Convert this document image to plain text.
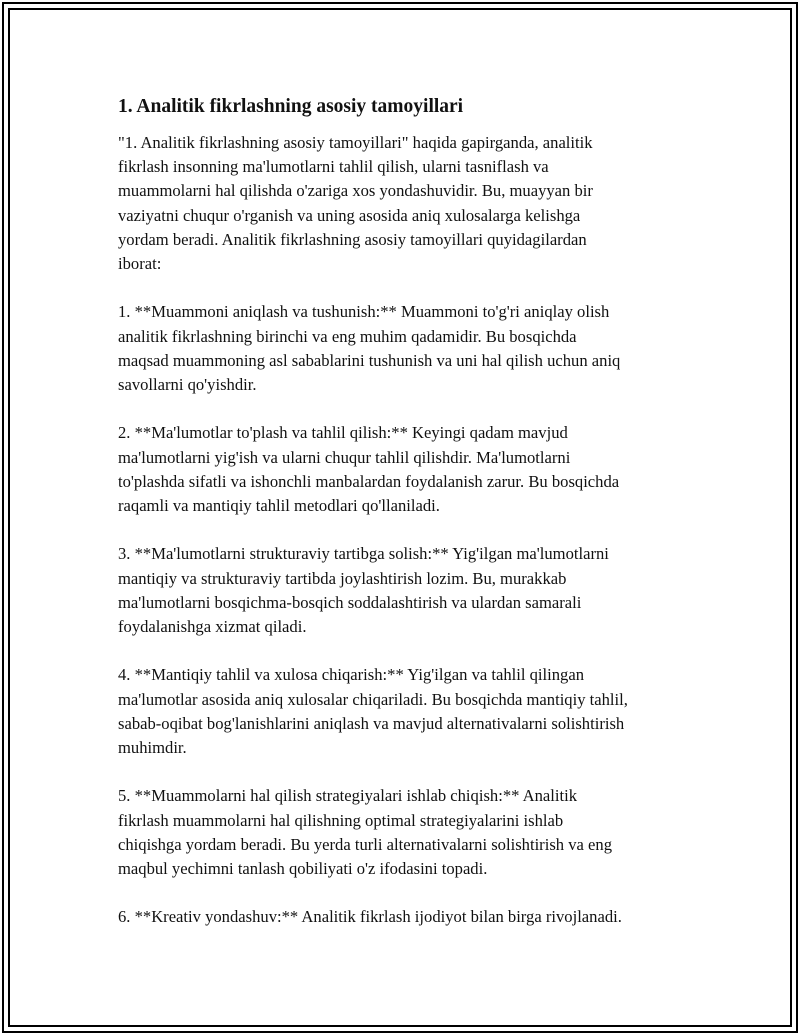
1. Analitik fikrlashning asosiy tamoyillari

"1. Analitik fikrlashning asosiy tamoyillari" haqida gapirganda, analitik
fikrlash insonning ma'lumotlarni tahlil qilish, ularni tasniflash va
muammolarni hal qilishda o'zariga xos yondashuvidir. Bu, muayyan bir
vaziyatni chuqur o'rganish va uning asosida aniq xulosalarga kelishga
yordam beradi. Analitik fikrlashning asosiy tamoyillari quyidagilardan
iborat:

1. **Muammoni aniqlash va tushunish:** Muammoni to'g'ri aniqlay olish
analitik fikrlashning birinchi va eng muhim qadamidir. Bu bosqichda
maqsad muammoning asl sabablarini tushunish va uni hal qilish uchun aniq
savollarni qo'yishdir.

2. **Ma'lumotlar to'plash va tahlil qilish:** Keyingi qadam mavjud
ma'lumotlarni yig'ish va ularni chuqur tahlil qilishdir. Ma'lumotlarni
to'plashda sifatli va ishonchli manbalardan foydalanish zarur. Bu bosqichda
raqamli va mantiqiy tahlil metodlari qo'llaniladi.

3. **Ma'lumotlarni strukturaviy tartibga solish:** Yig'ilgan ma'lumotlarni
mantiqiy va strukturaviy tartibda joylashtirish lozim. Bu, murakkab
ma'lumotlarni bosqichma-bosqich soddalashtirish va ulardan samarali
foydalanishga xizmat qiladi.

4. **Mantiqiy tahlil va xulosa chiqarish:** Yig'ilgan va tahlil qilingan
ma'lumotlar asosida aniq xulosalar chiqariladi. Bu bosqichda mantiqiy tahlil,
sabab-oqibat bog'lanishlarini aniqlash va mavjud alternativalarni solishtirish
muhimdir.

5. **Muammolarni hal qilish strategiyalari ishlab chiqish:** Analitik
fikrlash muammolarni hal qilishning optimal strategiyalarini ishlab
chiqishga yordam beradi. Bu yerda turli alternativalarni solishtirish va eng
maqbul yechimni tanlash qobiliyati o'z ifodasini topadi.

6. **Kreativ yondashuv:** Analitik fikrlash ijodiyot bilan birga rivojlanadi.
